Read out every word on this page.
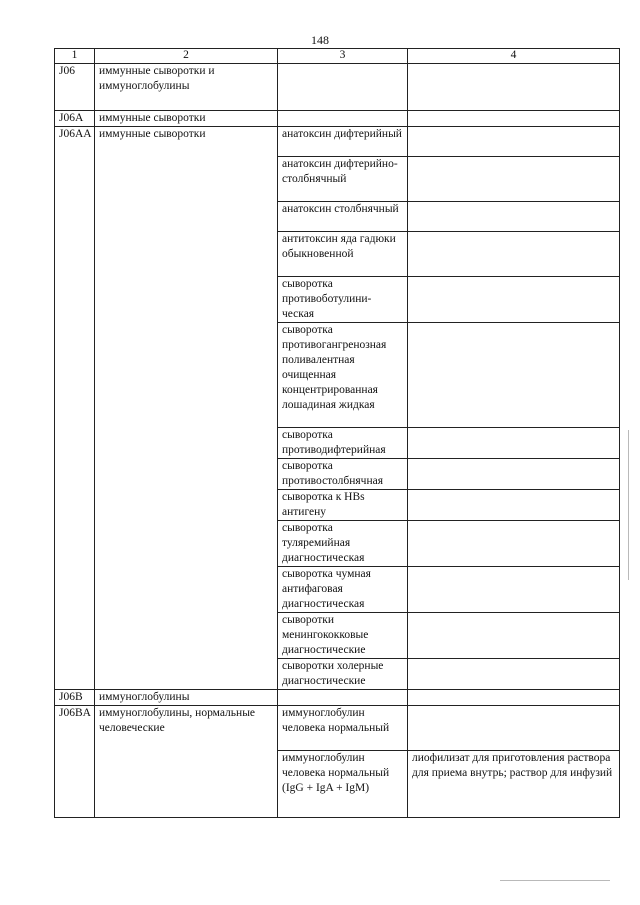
148
1	2	3	4
J06	иммунные сыворотки и иммуноглобулины		
J06A	иммунные сыворотки		
J06AA	иммунные сыворотки	анатоксин дифтерийный	
		анатоксин дифтерийно-столбнячный	
		анатоксин столбнячный	
		антитоксин яда гадюки обыкновенной	
		сыворотка противоботулини-ческая	
		сыворотка противогангренозная поливалентная очищенная концентрированная лошадиная жидкая	
		сыворотка противодифтерийная	
		сыворотка противостолбнячная	
		сыворотка к HBs антигену	
		сыворотка туляремийная диагностическая	
		сыворотка чумная антифаговая диагностическая	
		сыворотки менингококковые диагностические	
		сыворотки холерные диагностические	
J06B	иммуноглобулины		
J06BA	иммуноглобулины, нормальные человеческие	иммуноглобулин человека нормальный	
		иммуноглобулин человека нормальный (IgG + IgA + IgM)	лиофилизат для приготовления раствора для приема внутрь; раствор для инфузий
